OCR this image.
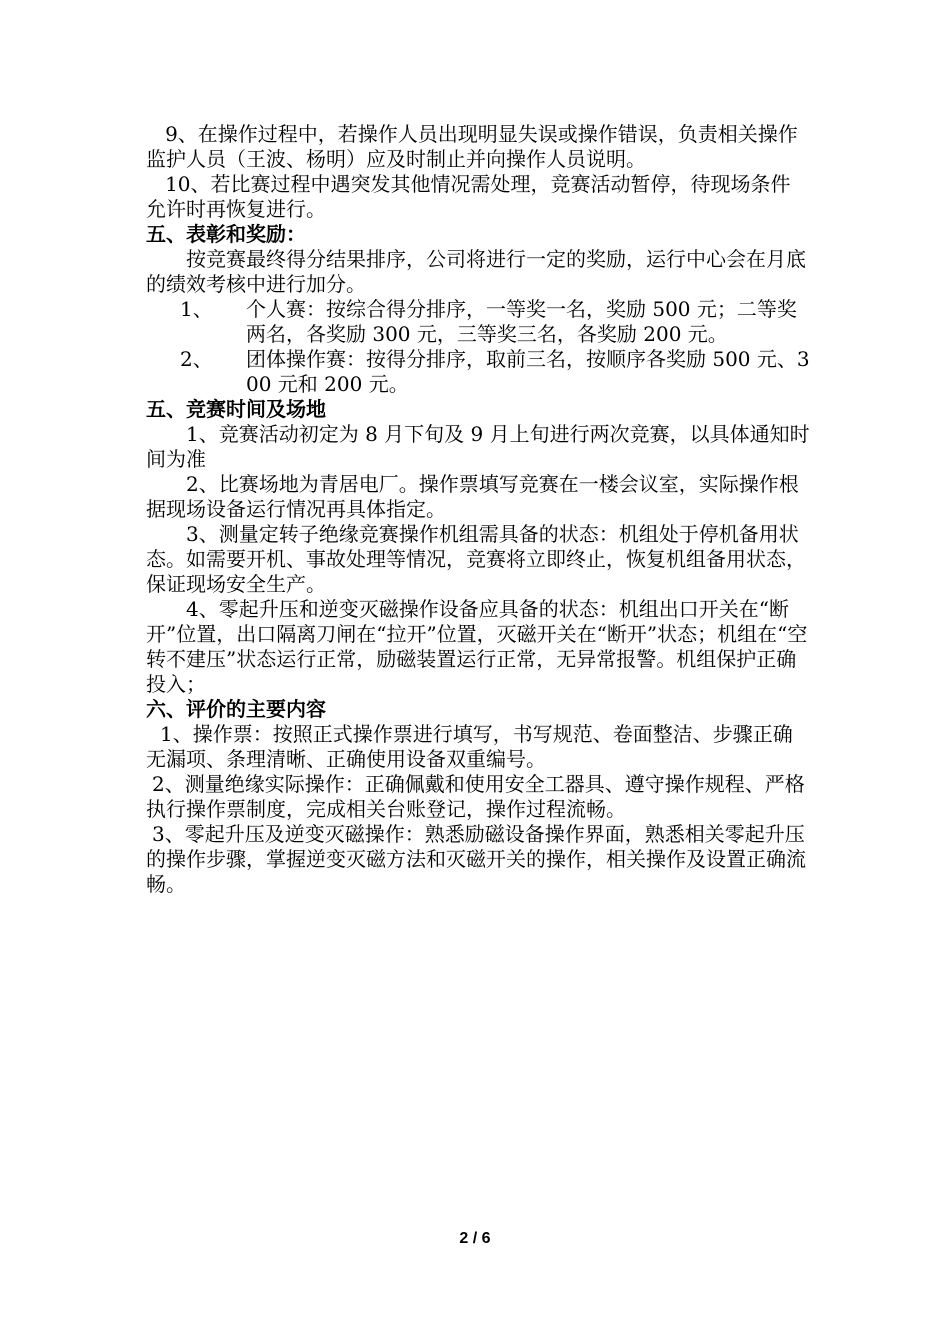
9、在操作过程中，若操作人员出现明显失误或操作错误，负责相关操作监护人员（王波、杨明）应及时制止并向操作人员说明。

10、若比赛过程中遇突发其他情况需处理，竞赛活动暂停，待现场条件允许时再恢复进行。

五、表彰和奖励：

按竞赛最终得分结果排序，公司将进行一定的奖励，运行中心会在月底的绩效考核中进行加分。

1、	个人赛：按综合得分排序，一等奖一名，奖励 500 元；二等奖两名，各奖励 300 元，三等奖三名，各奖励 200 元。
2、	团体操作赛：按得分排序，取前三名，按顺序各奖励 500 元、300 元和 200 元。

五、竞赛时间及场地

1、竞赛活动初定为 8 月下旬及 9 月上旬进行两次竞赛，以具体通知时间为准

2、比赛场地为青居电厂。操作票填写竞赛在一楼会议室，实际操作根据现场设备运行情况再具体指定。

3、测量定转子绝缘竞赛操作机组需具备的状态：机组处于停机备用状态。如需要开机、事故处理等情况，竞赛将立即终止，恢复机组备用状态，保证现场安全生产。

4、零起升压和逆变灭磁操作设备应具备的状态：机组出口开关在“断开”位置，出口隔离刀闸在“拉开”位置，灭磁开关在“断开”状态；机组在“空转不建压”状态运行正常，励磁装置运行正常，无异常报警。机组保护正确投入；

六、评价的主要内容

1、操作票：按照正式操作票进行填写，书写规范、卷面整洁、步骤正确无漏项、条理清晰、正确使用设备双重编号。

2、测量绝缘实际操作：正确佩戴和使用安全工器具、遵守操作规程、严格执行操作票制度，完成相关台账登记，操作过程流畅。

3、零起升压及逆变灭磁操作：熟悉励磁设备操作界面，熟悉相关零起升压的操作步骤，掌握逆变灭磁方法和灭磁开关的操作，相关操作及设置正确流畅。

2 / 6
